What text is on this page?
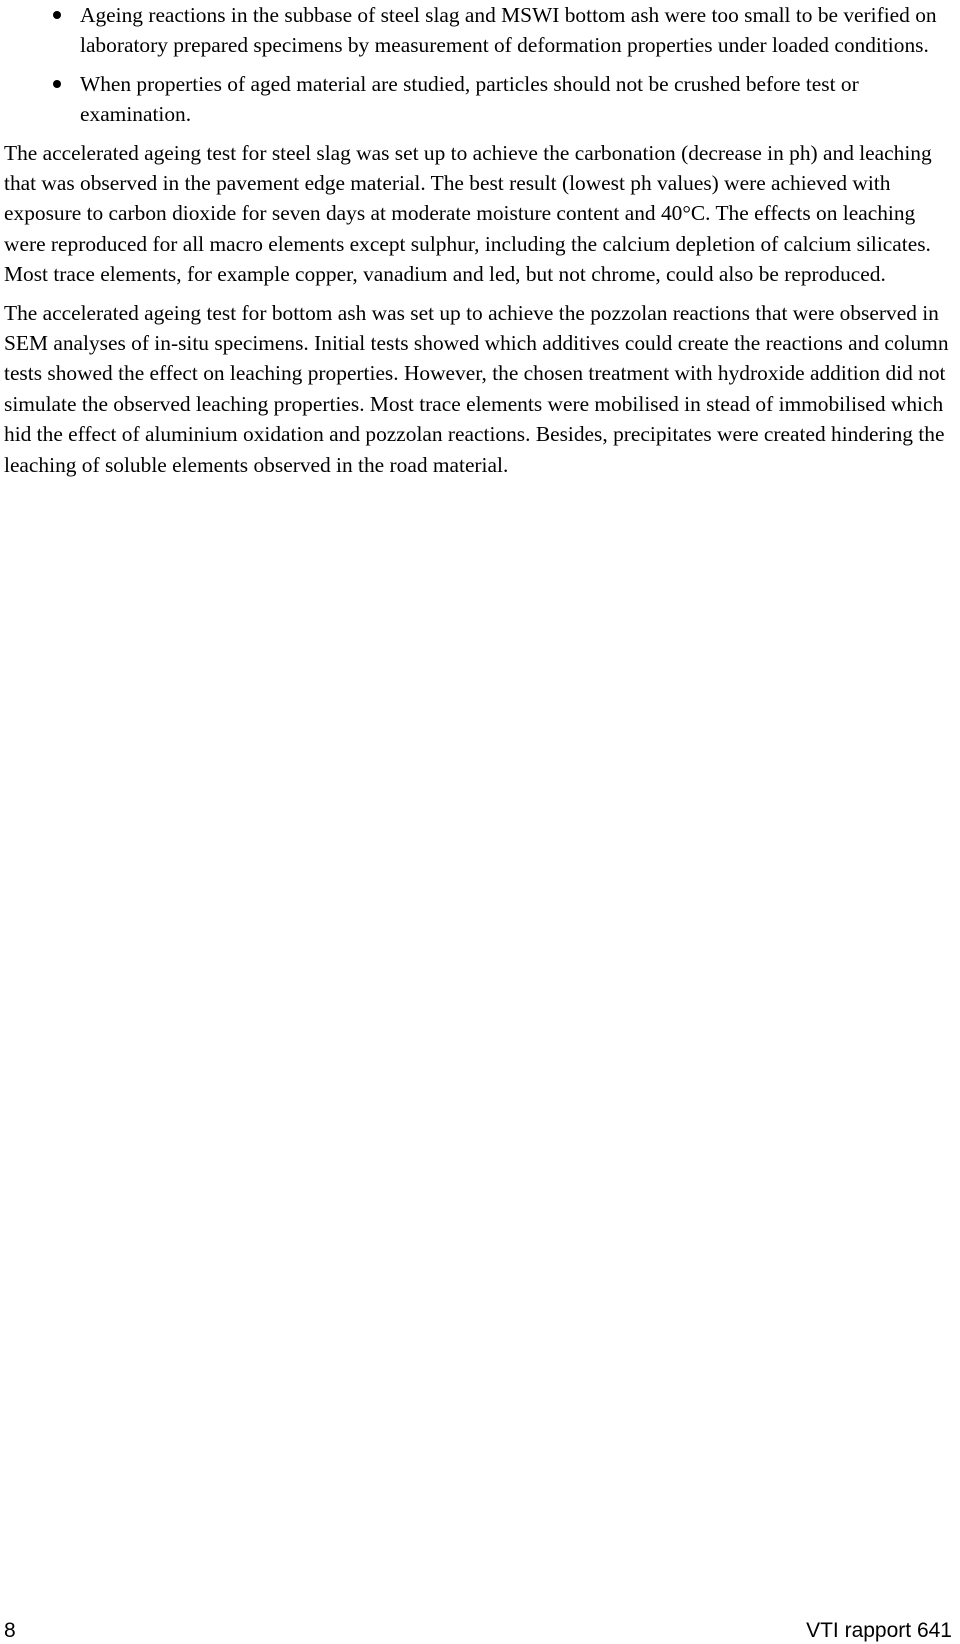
Ageing reactions in the subbase of steel slag and MSWI bottom ash were too small to be verified on laboratory prepared specimens by measurement of deformation properties under loaded conditions.
When properties of aged material are studied, particles should not be crushed before test or examination.

The accelerated ageing test for steel slag was set up to achieve the carbonation (decrease in ph) and leaching that was observed in the pavement edge material. The best result (lowest ph values) were achieved with exposure to carbon dioxide for seven days at moderate moisture content and 40°C. The effects on leaching were reproduced for all macro elements except sulphur, including the calcium depletion of calcium silicates. Most trace elements, for example copper, vanadium and led, but not chrome, could also be reproduced.

The accelerated ageing test for bottom ash was set up to achieve the pozzolan reactions that were observed in SEM analyses of in-situ specimens. Initial tests showed which additives could create the reactions and column tests showed the effect on leaching properties. However, the chosen treatment with hydroxide addition did not simulate the observed leaching properties. Most trace elements were mobilised in stead of immobilised which hid the effect of aluminium oxidation and pozzolan reactions. Besides, precipitates were created hindering the leaching of soluble elements observed in the road material.

8	VTI rapport 641
